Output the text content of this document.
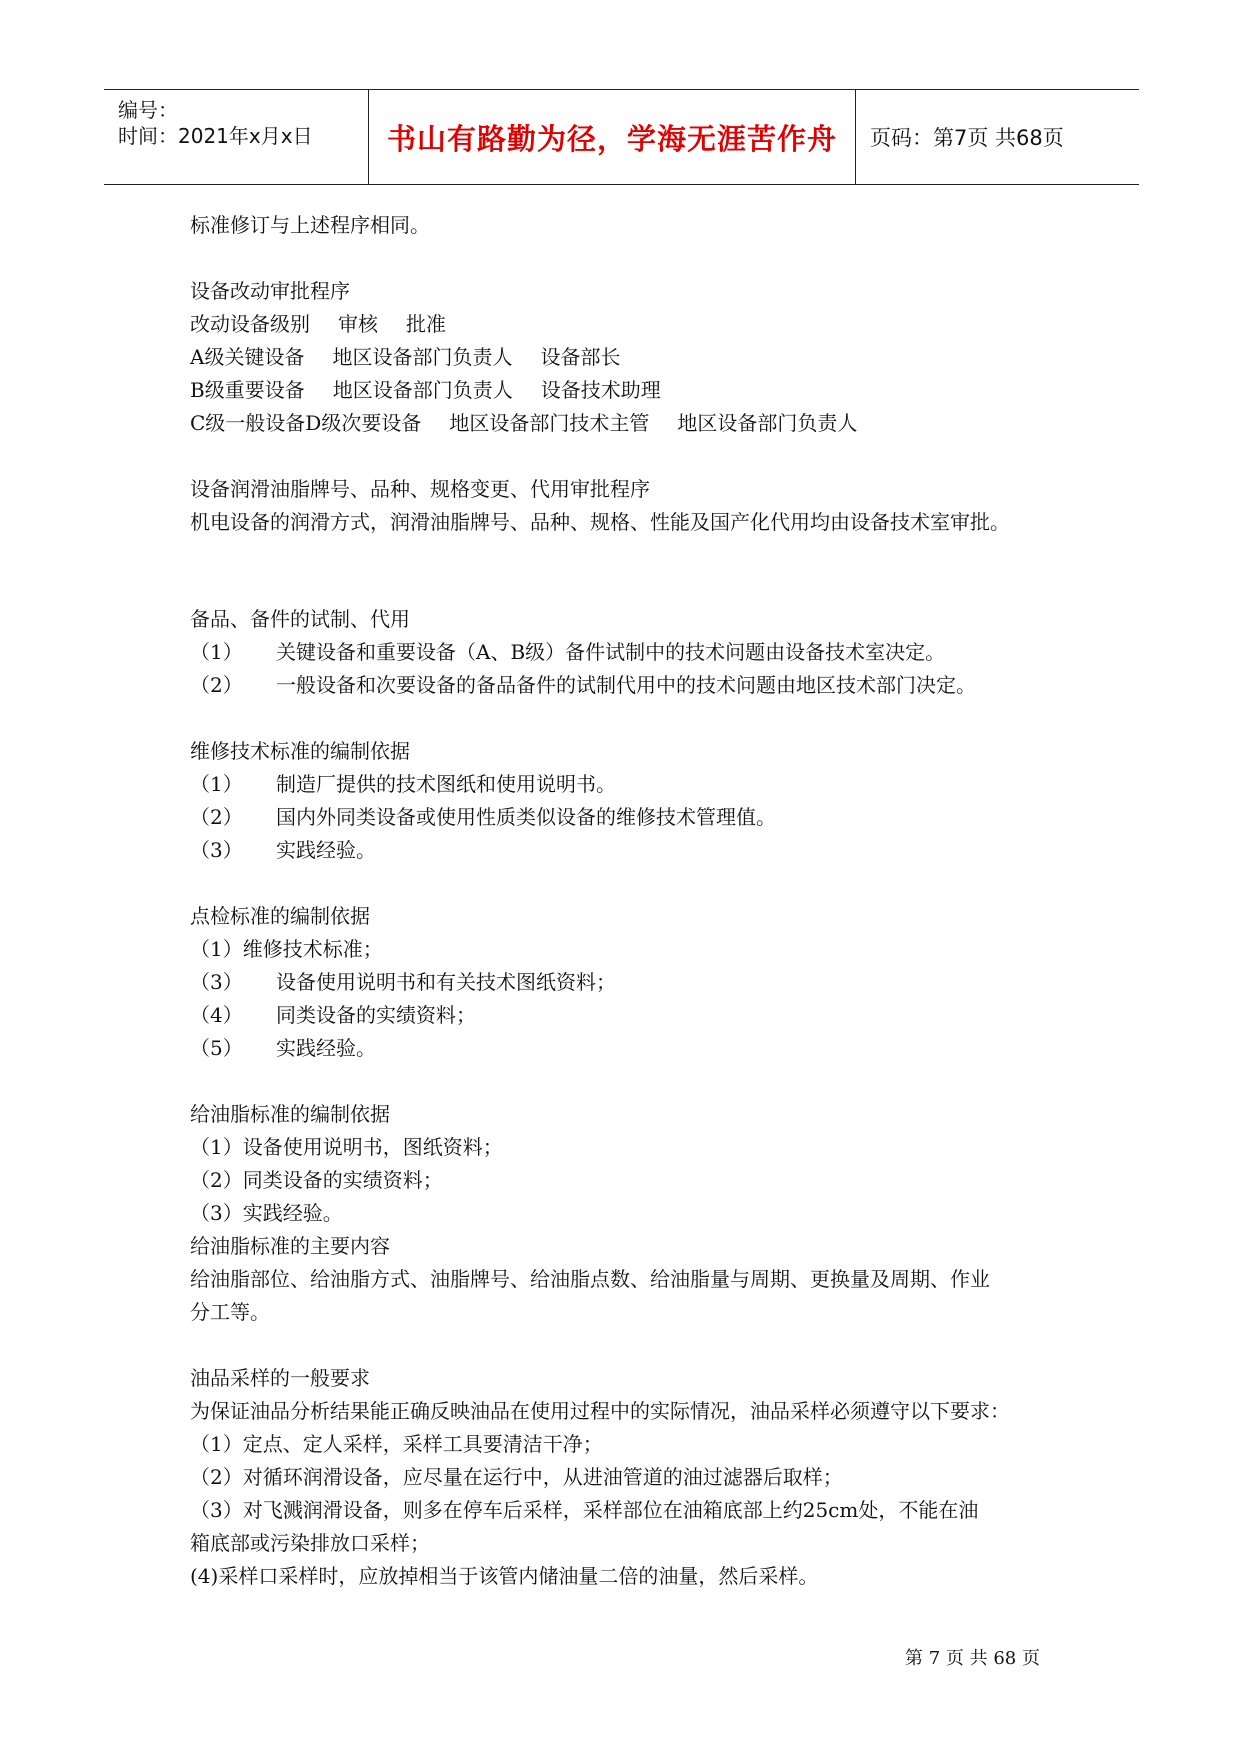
编号：
时间：2021年x月x日	书山有路勤为径，学海无涯苦作舟	页码：第7页 共68页
标准修订与上述程序相同。
设备改动审批程序
改动设备级别 审核 批准
A级关键设备 地区设备部门负责人 设备部长
B级重要设备 地区设备部门负责人 设备技术助理
C级一般设备D级次要设备 地区设备部门技术主管 地区设备部门负责人
设备润滑油脂牌号、品种、规格变更、代用审批程序
机电设备的润滑方式，润滑油脂牌号、品种、规格、性能及国产化代用均由设备技术室审批。
备品、备件的试制、代用
（1） 关键设备和重要设备（A、B级）备件试制中的技术问题由设备技术室决定。
（2） 一般设备和次要设备的备品备件的试制代用中的技术问题由地区技术部门决定。
维修技术标准的编制依据
（1） 制造厂提供的技术图纸和使用说明书。
（2） 国内外同类设备或使用性质类似设备的维修技术管理值。
（3） 实践经验。
点检标准的编制依据
（1）维修技术标准；
（3） 设备使用说明书和有关技术图纸资料；
（4） 同类设备的实绩资料；
（5） 实践经验。
给油脂标准的编制依据
（1）设备使用说明书，图纸资料；
（2）同类设备的实绩资料；
（3）实践经验。
给油脂标准的主要内容
给油脂部位、给油脂方式、油脂牌号、给油脂点数、给油脂量与周期、更换量及周期、作业
分工等。
油品采样的一般要求
为保证油品分析结果能正确反映油品在使用过程中的实际情况，油品采样必须遵守以下要求：
（1）定点、定人采样，采样工具要清洁干净；
（2）对循环润滑设备，应尽量在运行中，从进油管道的油过滤器后取样；
（3）对飞溅润滑设备，则多在停车后采样，采样部位在油箱底部上约25cm处，不能在油
箱底部或污染排放口采样；
(4)采样口采样时，应放掉相当于该管内储油量二倍的油量，然后采样。
第 7 页 共 68 页
